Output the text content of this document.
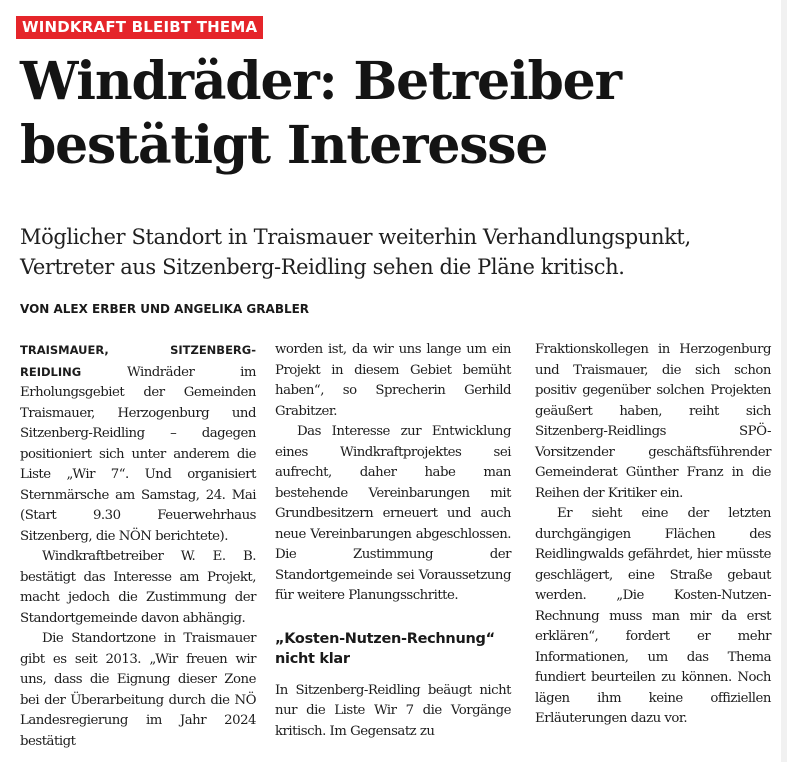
WINDKRAFT BLEIBT THEMA
Windräder: Betreiber bestätigt Interesse

Möglicher Standort in Traismauer weiterhin Verhandlungspunkt, Vertreter aus Sitzenberg-Reidling sehen die Pläne kritisch.

VON ALEX ERBER UND ANGELIKA GRABLER

TRAISMAUER, SITZENBERG-REIDLING	Windräder im Erholungsgebiet der Gemeinden Traismauer, Herzogenburg und Sitzenberg-Reidling – dagegen positioniert sich unter anderem die Liste „Wir 7“. Und organisiert Sternmärsche am Samstag, 24. Mai (Start 9.30 Feuerwehrhaus Sitzenberg, die NÖN berichtete).

Windkraftbetreiber W. E. B. bestätigt das Interesse am Projekt, macht jedoch die Zustimmung der Standortgemeinde davon abhängig.

Die Standortzone in Traismauer gibt es seit 2013. „Wir freuen wir uns, dass die Eignung dieser Zone bei der Überarbeitung durch die NÖ Landesregierung im Jahr 2024 bestätigt

worden ist, da wir uns lange um ein Projekt in diesem Gebiet bemüht haben“, so Sprecherin Gerhild Grabitzer.

Das Interesse zur Entwicklung eines Windkraftprojektes sei aufrecht, daher habe man bestehende Vereinbarungen mit Grundbesitzern erneuert und auch neue Vereinbarungen abgeschlossen. Die Zustimmung der Standortgemeinde sei Voraussetzung für weitere Planungsschritte.

„Kosten-Nutzen-Rechnung“ nicht klar

In Sitzenberg-Reidling beäugt nicht nur die Liste Wir 7 die Vorgänge kritisch. Im Gegensatz zu

Fraktionskollegen in Herzogenburg und Traismauer, die sich schon positiv gegenüber solchen Projekten geäußert haben, reiht sich Sitzenberg-Reidlings SPÖ-Vorsitzender geschäftsführender Gemeinderat Günther Franz in die Reihen der Kritiker ein.

Er sieht eine der letzten durchgängigen Flächen des Reidlingwalds gefährdet, hier müsste geschlägert, eine Straße gebaut werden. „Die Kosten-Nutzen-Rechnung muss man mir da erst erklären“, fordert er mehr Informationen, um das Thema fundiert beurteilen zu können. Noch lägen ihm keine offiziellen Erläuterungen dazu vor.
